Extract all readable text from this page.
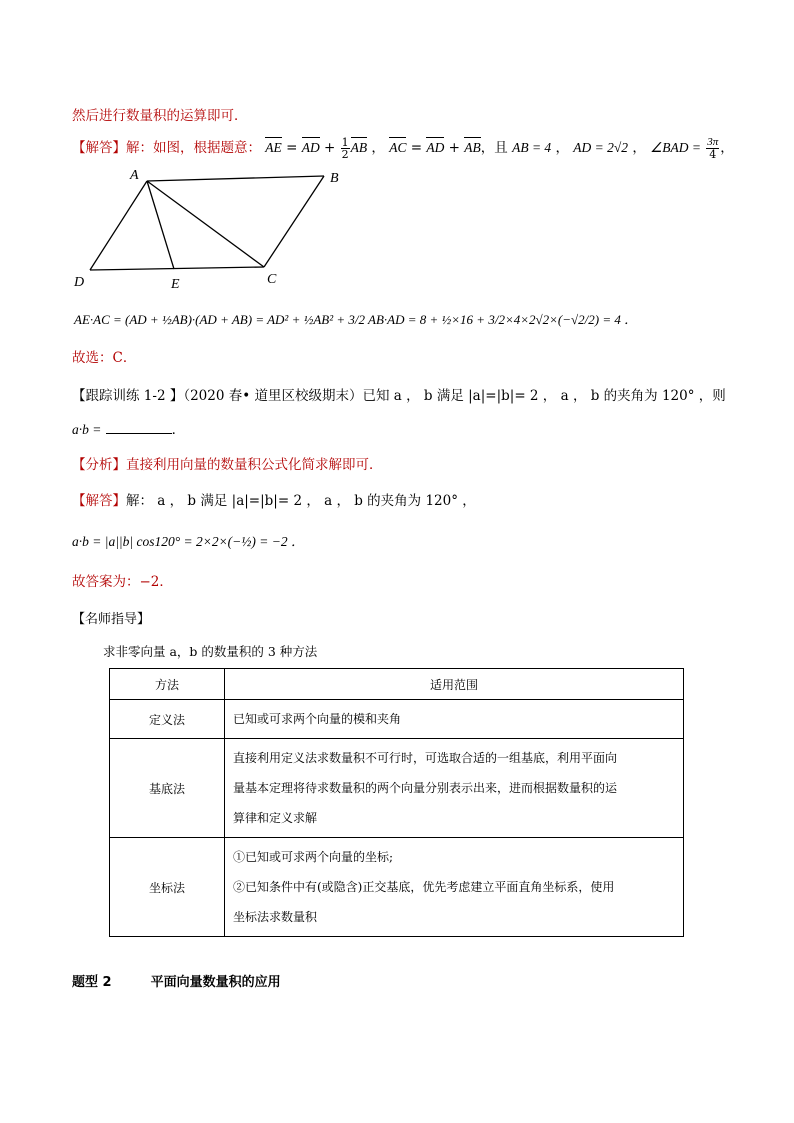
然后进行数量积的运算即可．
【解答】解：如图，根据题意： AE = AD + $\frac{1}{2}$ AB ， AC = AD + AB，且 AB = 4 ， AD = 2√2 ， ∠BAD = $\frac{3\pi}{4}$ ，
A	B
C
D	E
AE·AC = (AD + ½AB)·(AD + AB) = AD² + ½AB² + 3/2 AB·AD = 8 + ½×16 + 3/2×4×2√2×(−√2/2) = 4 ．
故选：C．
【跟踪训练 1-2 】（2020 春• 道里区校级期末）已知 a ， b 满足 |a|=|b|= 2 ， a ， b 的夹角为 120° ，则
a·b =	．
【分析】直接利用向量的数量积公式化简求解即可．
【解答】解： a ， b 满足 |a|=|b|= 2 ， a ， b 的夹角为 120° ，
a·b = |a||b| cos120° = 2×2×(−½) = −2 ．
故答案为：−2．
【名师指导】
求非零向量 a，b 的数量积的 3 种方法
方法	适用范围
定义法	已知或可求两个向量的模和夹角

基底法	直接利用定义法求数量积不可行时，可选取合适的一组基底，利用平面向
量基本定理将待求数量积的两个向量分别表示出来，进而根据数量积的运
算律和定义求解

坐标法	①已知或可求两个向量的坐标;
②已知条件中有(或隐含)正交基底，优先考虑建立平面直角坐标系，使用
坐标法求数量积
题型 2	平面向量数量积的应用
